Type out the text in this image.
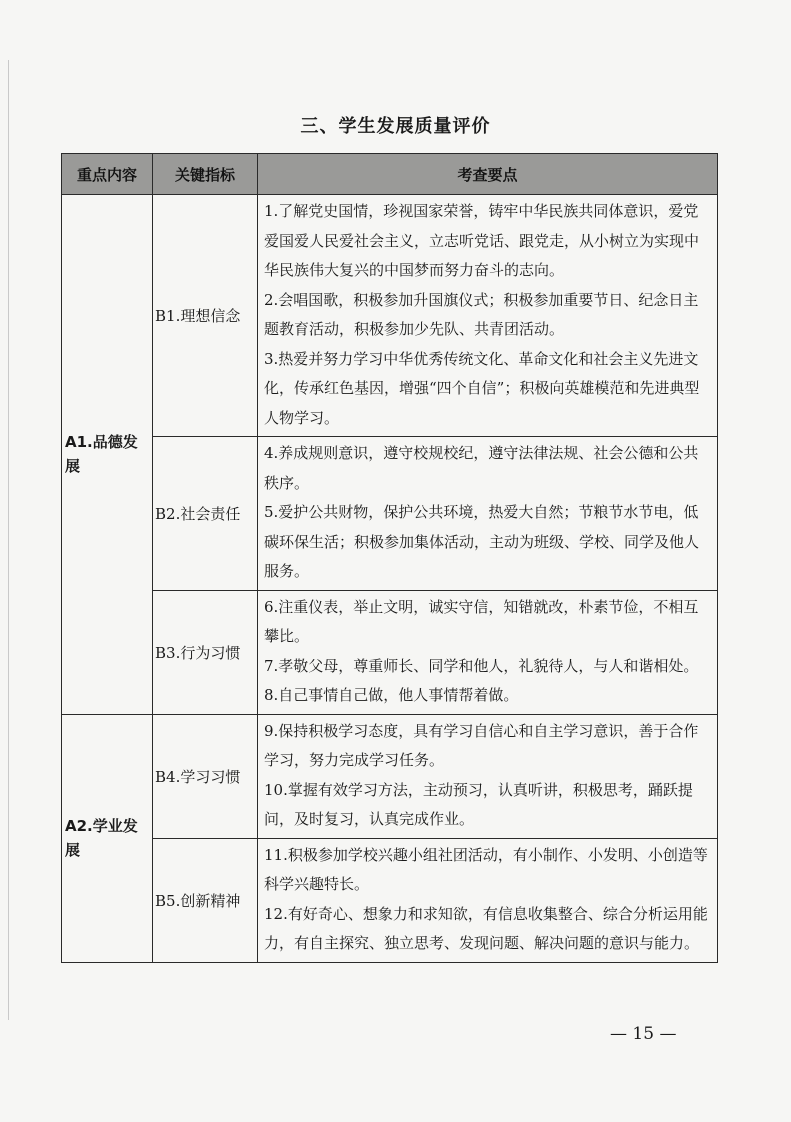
三、学生发展质量评价
重点内容	关键指标	考查要点
A1.品德发展	B1.理想信念	1.了解党史国情，珍视国家荣誉，铸牢中华民族共同体意识，爱党爱国爱人民爱社会主义，立志听党话、跟党走，从小树立为实现中华民族伟大复兴的中国梦而努力奋斗的志向。

2.会唱国歌，积极参加升国旗仪式；积极参加重要节日、纪念日主题教育活动，积极参加少先队、共青团活动。

3.热爱并努力学习中华优秀传统文化、革命文化和社会主义先进文化，传承红色基因，增强“四个自信”；积极向英雄模范和先进典型人物学习。

	B2.社会责任	4.养成规则意识，遵守校规校纪，遵守法律法规、社会公德和公共秩序。

5.爱护公共财物，保护公共环境，热爱大自然；节粮节水节电，低碳环保生活；积极参加集体活动，主动为班级、学校、同学及他人服务。

	B3.行为习惯	6.注重仪表，举止文明，诚实守信，知错就改，朴素节俭，不相互攀比。

7.孝敬父母，尊重师长、同学和他人，礼貌待人，与人和谐相处。

8.自己事情自己做，他人事情帮着做。

A2.学业发展	B4.学习习惯	9.保持积极学习态度，具有学习自信心和自主学习意识，善于合作学习，努力完成学习任务。

10.掌握有效学习方法，主动预习，认真听讲，积极思考，踊跃提问，及时复习，认真完成作业。

	B5.创新精神	11.积极参加学校兴趣小组社团活动，有小制作、小发明、小创造等科学兴趣特长。

12.有好奇心、想象力和求知欲，有信息收集整合、综合分析运用能力，有自主探究、独立思考、发现问题、解决问题的意识与能力。

— 15 —
